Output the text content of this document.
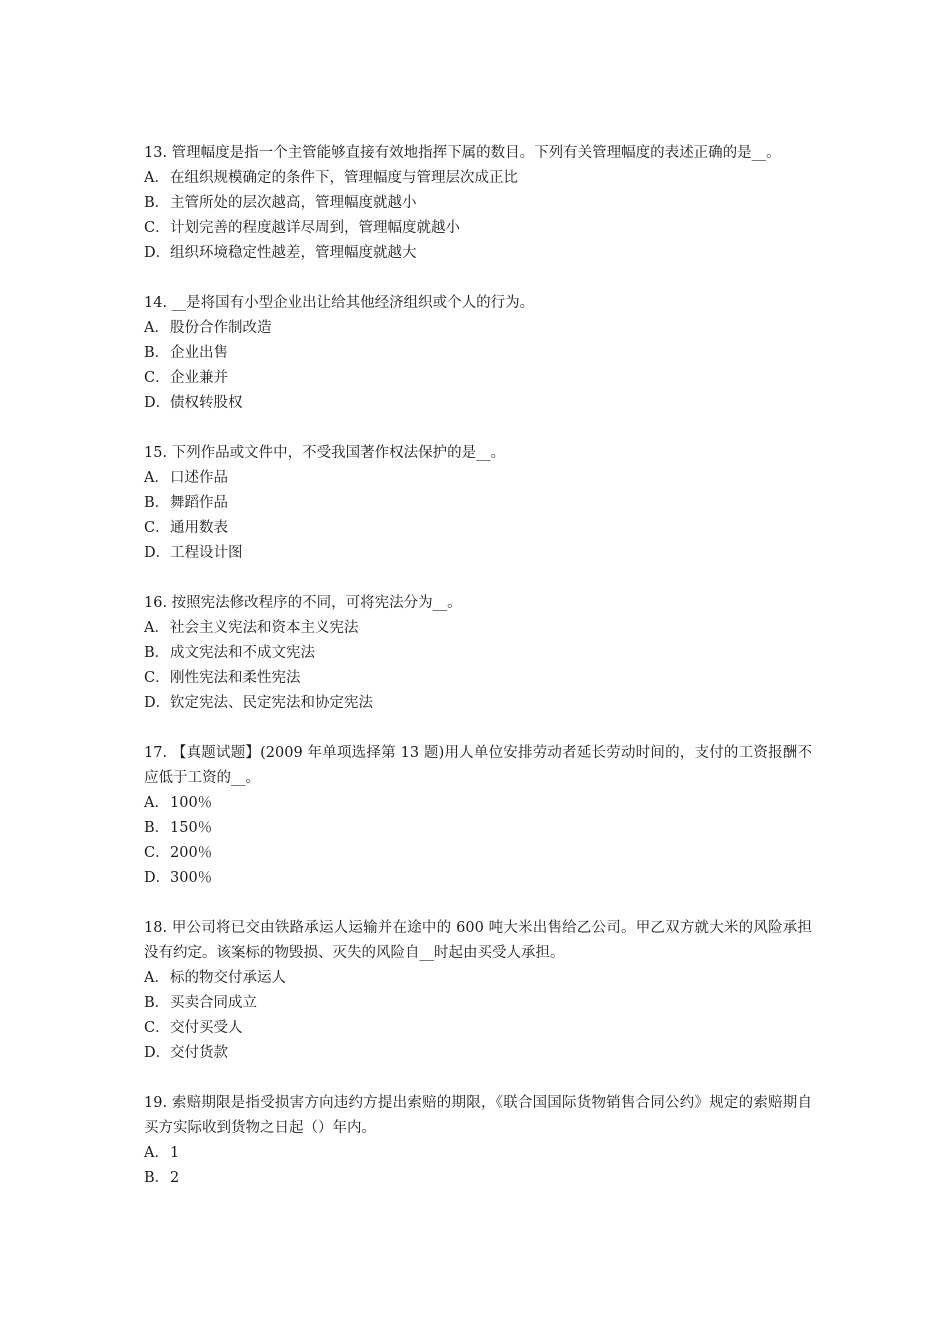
13. 管理幅度是指一个主管能够直接有效地指挥下属的数目。下列有关管理幅度的表述正确的是__。

A．在组织规模确定的条件下，管理幅度与管理层次成正比
B．主管所处的层次越高，管理幅度就越小
C．计划完善的程度越详尽周到，管理幅度就越小
D．组织环境稳定性越差，管理幅度就越大

14. __是将国有小型企业出让给其他经济组织或个人的行为。

A．股份合作制改造
B．企业出售
C．企业兼并
D．债权转股权

15. 下列作品或文件中，不受我国著作权法保护的是__。

A．口述作品
B．舞蹈作品
C．通用数表
D．工程设计图

16. 按照宪法修改程序的不同，可将宪法分为__。

A．社会主义宪法和资本主义宪法
B．成文宪法和不成文宪法
C．刚性宪法和柔性宪法
D．钦定宪法、民定宪法和协定宪法

17. 【真题试题】(2009 年单项选择第 13 题)用人单位安排劳动者延长劳动时间的，支付的工资报酬不应低于工资的__。

A．100％
B．150％
C．200％
D．300％

18. 甲公司将已交由铁路承运人运输并在途中的 600 吨大米出售给乙公司。甲乙双方就大米的风险承担没有约定。该案标的物毁损、灭失的风险自__时起由买受人承担。

A．标的物交付承运人
B．买卖合同成立
C．交付买受人
D．交付货款

19. 索赔期限是指受损害方向违约方提出索赔的期限，《联合国国际货物销售合同公约》规定的索赔期自买方实际收到货物之日起（）年内。

A．1
B．2
